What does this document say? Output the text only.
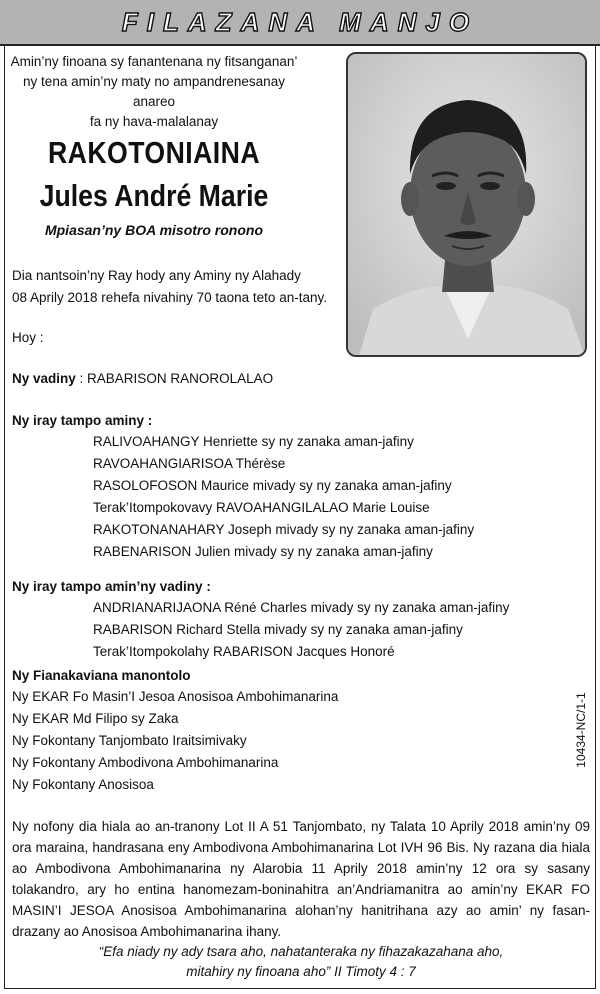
FILAZANA MANJO
Amin’ny finoana sy fanantenana ny fitsanganan’
ny tena amin’ny maty no ampandrenesanay anareo
fa ny hava-malalanay
RAKOTONIAINA
Jules André Marie
Mpiasan’ny BOA misotro ronono
Dia nantsoin’ny Ray hody any Aminy ny Alahady
08 Aprily 2018 rehefa nivahiny 70 taona teto an-tany.
Hoy :
Ny vadiny : RABARISON RANOROLALAO
Ny iray tampo aminy :
RALIVOAHANGY Henriette sy ny zanaka aman-jafiny
RAVOAHANGIARISOA Thérèse
RASOLOFOSON Maurice mivady sy ny zanaka aman-jafiny
Terak’Itompokovavy RAVOAHANGILALAO Marie Louise
RAKOTONANAHARY Joseph mivady sy ny zanaka aman-jafiny
RABENARISON Julien mivady sy ny zanaka aman-jafiny
Ny iray tampo amin’ny vadiny :
ANDRIANARIJAONA Réné Charles mivady sy ny zanaka aman-jafiny
RABARISON Richard Stella mivady sy ny zanaka aman-jafiny
Terak’Itompokolahy RABARISON Jacques Honoré
Ny Fianakaviana manontolo
Ny EKAR Fo Masin’I Jesoa Anosisoa Ambohimanarina
Ny EKAR Md Filipo sy Zaka
Ny Fokontany Tanjombato Iraitsimivaky
Ny Fokontany Ambodivona Ambohimanarina
Ny Fokontany Anosisoa
10434-NC/1-1
Ny nofony dia hiala ao an-tranony Lot II A 51 Tanjombato, ny Talata 10 Aprily 2018 amin’ny 09 ora maraina, handrasana eny Ambodivona Ambohimanarina Lot IVH 96 Bis. Ny razana dia hiala ao Ambodivona Ambohimanarina ny Alarobia 11 Aprily 2018 amin’ny 12 ora sy sasany tolakandro, ary ho entina hanomezam-boninahitra an’Andriamanitra ao amin’ny EKAR FO MASIN’I JESOA Anosisoa Ambohimanarina alohan’ny hanitrihana azy ao amin’ ny fasan-drazany ao Anosisoa Ambohimanarina ihany.
“Efa niady ny ady tsara aho, nahatanteraka ny fihazakazahana aho,
mitahiry ny finoana aho” II Timoty 4 : 7
